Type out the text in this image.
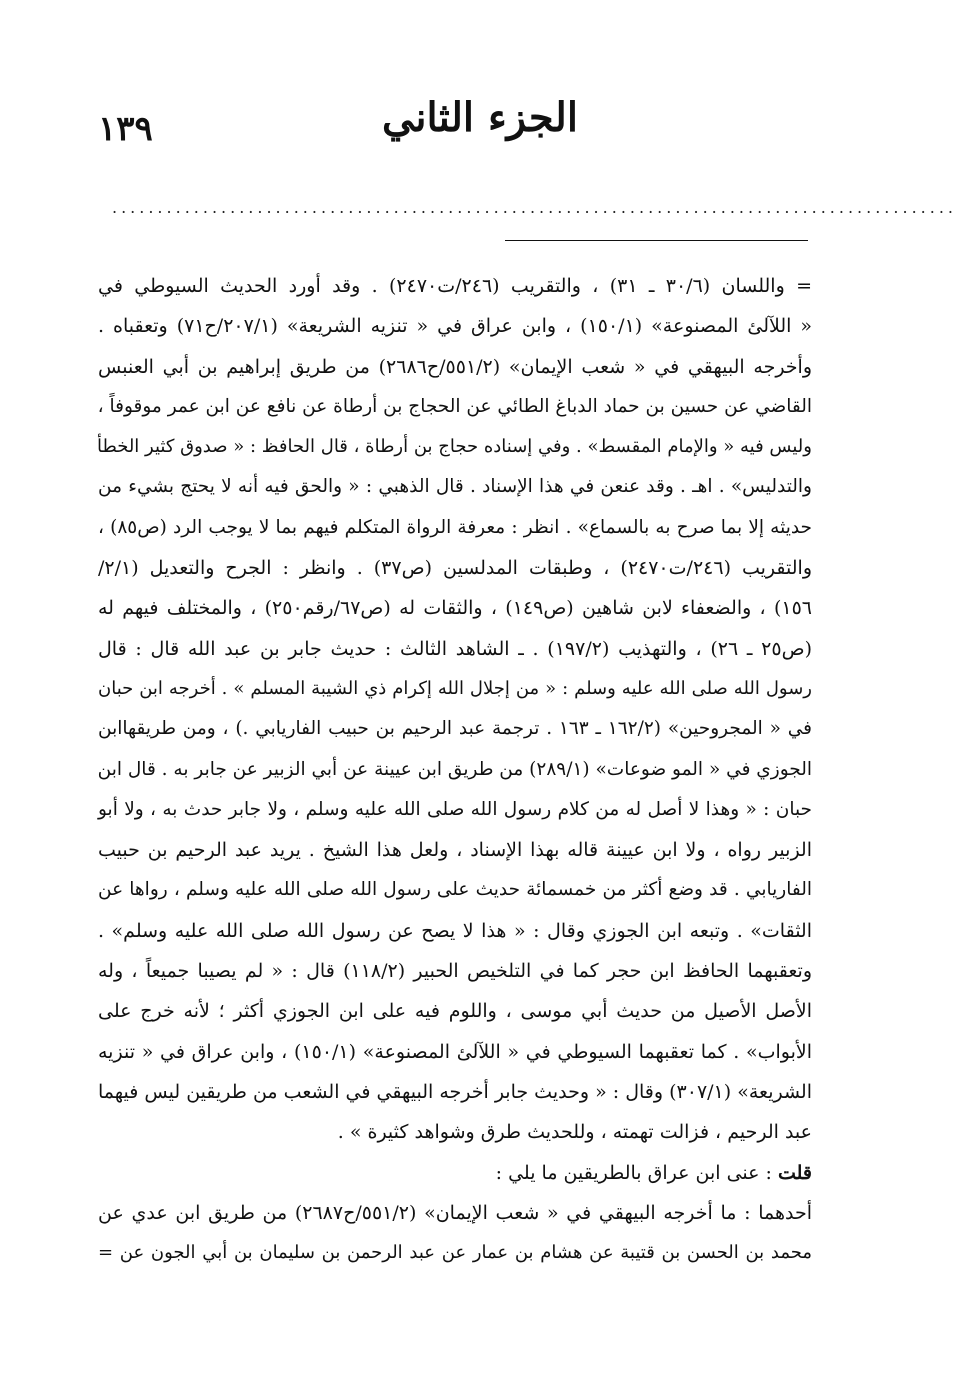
١٣٩	الجزء الثاني
.............................................................................................
= واللسان (٣٠/٦ ـ ٣١) ، والتقريب (٢٤٦/ت٢٤٧٠) . وقد أورد الحديث السيوطي في
« اللآلئ المصنوعة» (١٥٠/١) ، وابن عراق في « تنزيه الشريعة» (٢٠٧/١/ح٧١) وتعقباه .
وأخرجه البيهقي في « شعب الإيمان» (٥٥١/٢/ح٢٦٨٦) من طريق إبراهيم بن أبي العنبس
القاضي عن حسين بن حماد الدباغ الطائي عن الحجاج بن أرطاة عن نافع عن ابن عمر موقوفاً ،
وليس فيه « والإمام المقسط» . وفي إسناده حجاج بن أرطاة ، قال الحافظ : « صدوق كثير الخطأ
والتدليس» . اهـ . وقد عنعن في هذا الإسناد . قال الذهبي : « والحق فيه أنه لا يحتج بشيء من
حديثه إلا بما صرح به بالسماع» . انظر : معرفة الرواة المتكلم فيهم بما لا يوجب الرد (ص٨٥) ،
والتقريب (٢٤٦/ت٢٤٧٠) ، وطبقات المدلسين (ص٣٧) . وانظر : الجرح والتعديل (٢/١/
١٥٦) ، والضعفاء لابن شاهين (ص١٤٩) ، والثقات له (ص٦٧/رقم٢٥٠) ، والمختلف فيهم له
(ص٢٥ ـ ٢٦) ، والتهذيب (١٩٧/٢) . ـ الشاهد الثالث : حديث جابر بن عبد الله قال : قال
رسول الله صلى الله عليه وسلم : « من إجلال الله إكرام ذي الشيبة المسلم » . أخرجه ابن حبان
في « المجروحين» (١٦٢/٢ ـ ١٦٣ . ترجمة عبد الرحيم بن حبيب الفاريابي .) ، ومن طريقهاابن
الجوزي في « المو ضوعات» (٢٨٩/١) من طريق ابن عيينة عن أبي الزبير عن جابر به . قال ابن
حبان : « وهذا لا أصل له من كلام رسول الله صلى الله عليه وسلم ، ولا جابر حدث به ، ولا أبو
الزبير رواه ، ولا ابن عيينة قاله بهذا الإسناد ، ولعل هذا الشيخ . يريد عبد الرحيم بن حبيب
الفاريابي . قد وضع أكثر من خمسمائة حديث على رسول الله صلى الله عليه وسلم ، رواها عن
الثقات» . وتبعه ابن الجوزي وقال : « هذا لا يصح عن رسول الله صلى الله عليه وسلم» .
وتعقبهما الحافظ ابن حجر كما في التلخيص الحبير (١١٨/٢) قال : « لم يصيبا جميعاً ، وله
الأصل الأصيل من حديث أبي موسى ، واللوم فيه على ابن الجوزي أكثر ؛ لأنه خرج على
الأبواب» . كما تعقبهما السيوطي في « اللآلئ المصنوعة» (١٥٠/١) ، وابن عراق في « تنزيه
الشريعة» (٣٠٧/١) وقال : « وحديث جابر أخرجه البيهقي في الشعب من طريقين ليس فيهما
عبد الرحيم ، فزالت تهمته ، وللحديث طرق وشواهد كثيرة » .
قلت : عنى ابن عراق بالطريقين ما يلي :
أحدهما : ما أخرجه البيهقي في « شعب الإيمان» (٥٥١/٢/ح٢٦٨٧) من طريق ابن عدي عن
محمد بن الحسن بن قتيبة عن هشام بن عمار عن عبد الرحمن بن سليمان بن أبي الجون عن =
